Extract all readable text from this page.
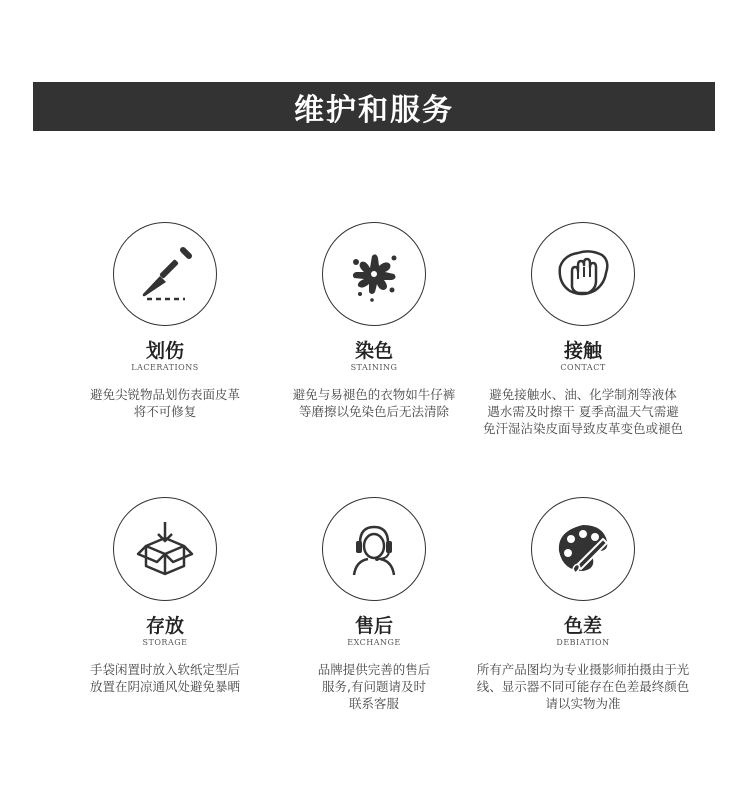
维护和服务
划伤
LACERATIONS
避免尖锐物品划伤表面皮革
将不可修复
染色
STAINING
避免与易褪色的衣物如牛仔裤
等磨擦以免染色后无法清除
接触
CONTACT
避免接触水、油、化学制剂等液体
遇水需及时擦干 夏季高温天气需避
免汗湿沾染皮面导致皮革变色或褪色
存放
STORAGE
手袋闲置时放入软纸定型后
放置在阴凉通风处避免暴晒
售后
EXCHANGE
品牌提供完善的售后
服务,有问题请及时
联系客服
色差
DEBIATION
所有产品图均为专业摄影师拍摄由于光
线、显示器不同可能存在色差最终颜色
请以实物为准
